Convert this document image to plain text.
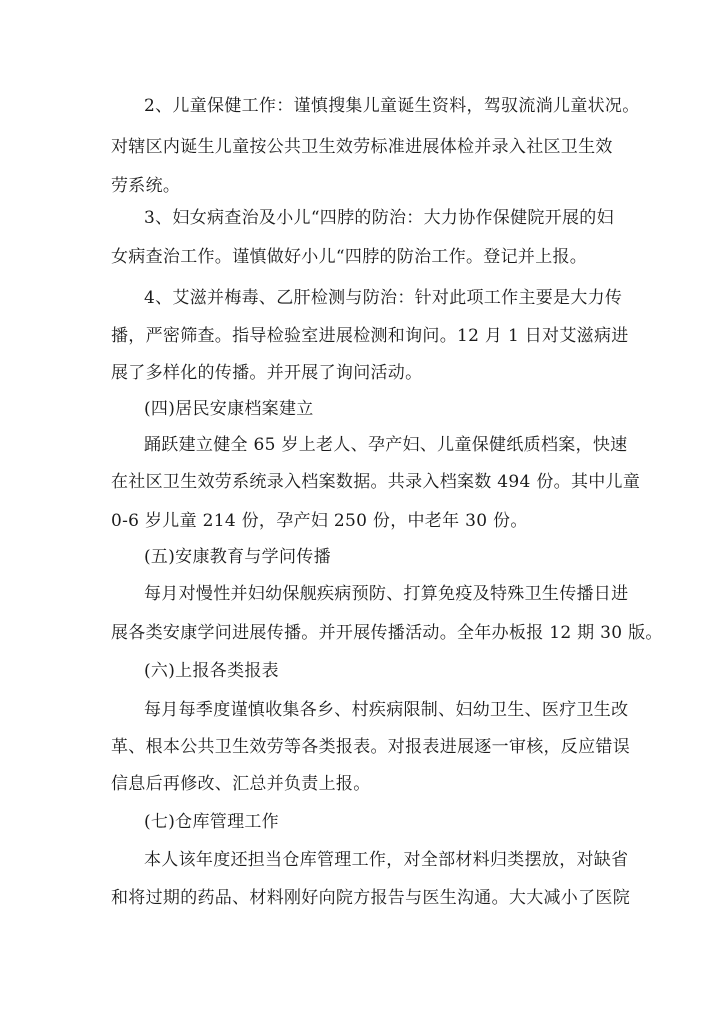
2、儿童保健工作：谨慎搜集儿童诞生资料，驾驭流淌儿童状况。
对辖区内诞生儿童按公共卫生效劳标准进展体检并录入社区卫生效
劳系统。
3、妇女病查治及小儿“四脖的防治：大力协作保健院开展的妇
女病查治工作。谨慎做好小儿“四脖的防治工作。登记并上报。
4、艾滋并梅毒、乙肝检测与防治：针对此项工作主要是大力传
播，严密筛查。指导检验室进展检测和询问。12 月 1 日对艾滋病进
展了多样化的传播。并开展了询问活动。
(四)居民安康档案建立
踊跃建立健全 65 岁上老人、孕产妇、儿童保健纸质档案，快速
在社区卫生效劳系统录入档案数据。共录入档案数 494 份。其中儿童
0-6 岁儿童 214 份，孕产妇 250 份，中老年 30 份。
(五)安康教育与学问传播
每月对慢性并妇幼保舰疾病预防、打算免疫及特殊卫生传播日进
展各类安康学问进展传播。并开展传播活动。全年办板报 12 期 30 版。
(六)上报各类报表
每月每季度谨慎收集各乡、村疾病限制、妇幼卫生、医疗卫生改
革、根本公共卫生效劳等各类报表。对报表进展逐一审核，反应错误
信息后再修改、汇总并负责上报。
(七)仓库管理工作
本人该年度还担当仓库管理工作，对全部材料归类摆放，对缺省
和将过期的药品、材料刚好向院方报告与医生沟通。大大减小了医院
